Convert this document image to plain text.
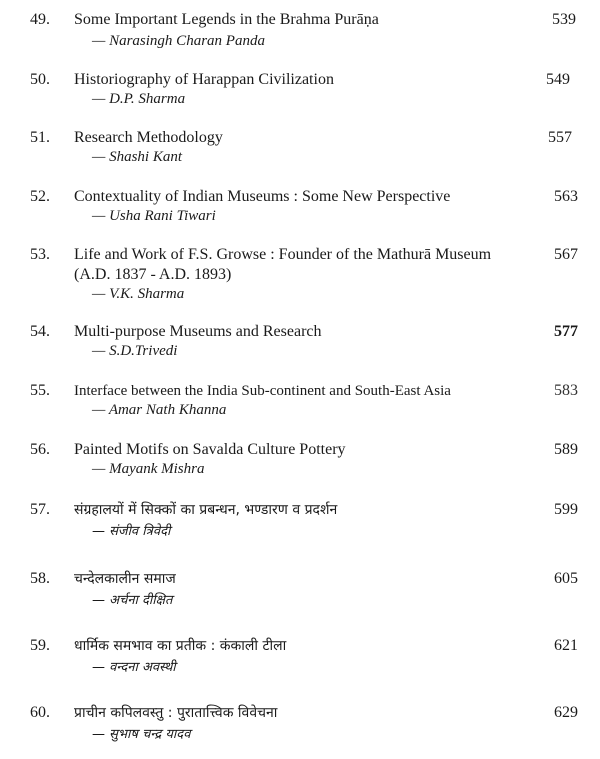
49. Some Important Legends in the Brahma Purāṇa
— Narasingh Charan Panda
539
50. Historiography of Harappan Civilization
— D.P. Sharma
549
51. Research Methodology
— Shashi Kant
557
52. Contextuality of Indian Museums : Some New Perspective
— Usha Rani Tiwari
563
53. Life and Work of F.S. Growse : Founder of the Mathurā Museum (A.D. 1837 - A.D. 1893)
— V.K. Sharma
567
54. Multi-purpose Museums and Research
— S.D.Trivedi
577
55. Interface between the India Sub-continent and South-East Asia
— Amar Nath Khanna
583
56. Painted Motifs on Savalda Culture Pottery
— Mayank Mishra
589
57. संग्रहालयों में सिक्कों का प्रबन्धन, भण्डारण व प्रदर्शन
— संजीव त्रिवेदी
599
58. चन्देलकालीन समाज
— अर्चना दीक्षित
605
59. धार्मिक समभाव का प्रतीक : कंकाली टीला
— वन्दना अवस्थी
621
60. प्राचीन कपिलवस्तु : पुरातात्त्विक विवेचना
— सुभाष चन्द्र यादव
629
